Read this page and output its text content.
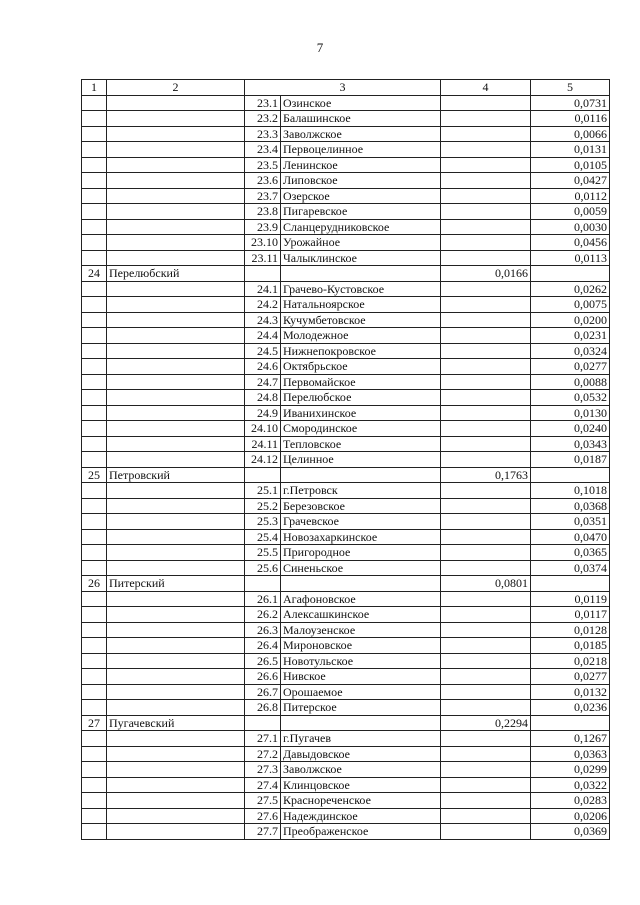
7
1	2	3		4	5
		23.1	Озинское		0,0731
		23.2	Балашинское		0,0116
		23.3	Заволжское		0,0066
		23.4	Первоцелинное		0,0131
		23.5	Ленинское		0,0105
		23.6	Липовское		0,0427
		23.7	Озерское		0,0112
		23.8	Пигаревское		0,0059
		23.9	Сланцерудниковское		0,0030
		23.10	Урожайное		0,0456
		23.11	Чалыклинское		0,0113
24	Перелюбский			0,0166	
		24.1	Грачево-Кустовское		0,0262
		24.2	Натальноярское		0,0075
		24.3	Кучумбетовское		0,0200
		24.4	Молодежное		0,0231
		24.5	Нижнепокровское		0,0324
		24.6	Октябрьское		0,0277
		24.7	Первомайское		0,0088
		24.8	Перелюбское		0,0532
		24.9	Иванихинское		0,0130
		24.10	Смородинское		0,0240
		24.11	Тепловское		0,0343
		24.12	Целинное		0,0187
25	Петровский			0,1763	
		25.1	г.Петровск		0,1018
		25.2	Березовское		0,0368
		25.3	Грачевское		0,0351
		25.4	Новозахаркинское		0,0470
		25.5	Пригородное		0,0365
		25.6	Синеньское		0,0374
26	Питерский			0,0801	
		26.1	Агафоновское		0,0119
		26.2	Алексашкинское		0,0117
		26.3	Малоузенское		0,0128
		26.4	Мироновское		0,0185
		26.5	Новотульское		0,0218
		26.6	Нивское		0,0277
		26.7	Орошаемое		0,0132
		26.8	Питерское		0,0236
27	Пугачевский			0,2294	
		27.1	г.Пугачев		0,1267
		27.2	Давыдовское		0,0363
		27.3	Заволжское		0,0299
		27.4	Клинцовское		0,0322
		27.5	Краснореченское		0,0283
		27.6	Надеждинское		0,0206
		27.7	Преображенское		0,0369
